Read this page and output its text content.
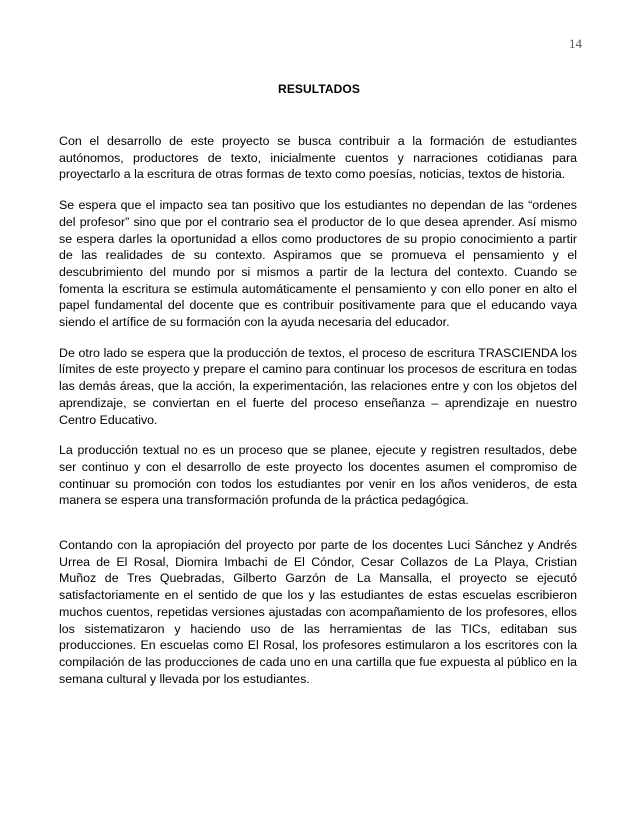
14
RESULTADOS

Con el desarrollo de este proyecto se busca contribuir a la formación de estudiantes autónomos, productores de texto, inicialmente cuentos y narraciones cotidianas para proyectarlo a la escritura de otras formas de texto como poesías, noticias, textos de historia.

Se espera que el impacto sea tan positivo que los estudiantes no dependan de las “ordenes del profesor” sino que por el contrario sea el productor de lo que desea aprender. Así mismo se espera darles la oportunidad a ellos como productores de su propio conocimiento a partir de las realidades de su contexto. Aspiramos que se promueva el pensamiento y el descubrimiento del mundo por si mismos a partir de la lectura del contexto. Cuando se fomenta la escritura se estimula automáticamente el pensamiento y con ello poner en alto el papel fundamental del docente que es contribuir positivamente para que el educando vaya siendo el artífice de su formación con la ayuda necesaria del educador.

De otro lado se espera que la producción de textos, el proceso de escritura TRASCIENDA los límites de este proyecto y prepare el camino para continuar los procesos de escritura en todas las demás áreas, que la acción, la experimentación, las relaciones entre y con los objetos del aprendizaje, se conviertan en el fuerte del proceso enseñanza – aprendizaje en nuestro Centro Educativo.

La producción textual no es un proceso que se planee, ejecute y registren resultados, debe ser continuo y con el desarrollo de este proyecto los docentes asumen el compromiso de continuar su promoción con todos los estudiantes por venir en los años venideros, de esta manera se espera una transformación profunda de la práctica pedagógica.

Contando con la apropiación del proyecto por parte de los docentes Luci Sánchez y Andrés Urrea de El Rosal, Diomira Imbachi de El Cóndor, Cesar Collazos de La Playa, Cristian Muñoz de Tres Quebradas, Gilberto Garzón de La Mansalla, el proyecto se ejecutó satisfactoriamente en el sentido de que los y las estudiantes de estas escuelas escribieron muchos cuentos, repetidas versiones ajustadas con acompañamiento de los profesores, ellos los sistematizaron y haciendo uso de las herramientas de las TICs, editaban sus producciones. En escuelas como El Rosal, los profesores estimularon a los escritores con la compilación de las producciones de cada uno en una cartilla que fue expuesta al público en la semana cultural y llevada por los estudiantes.
